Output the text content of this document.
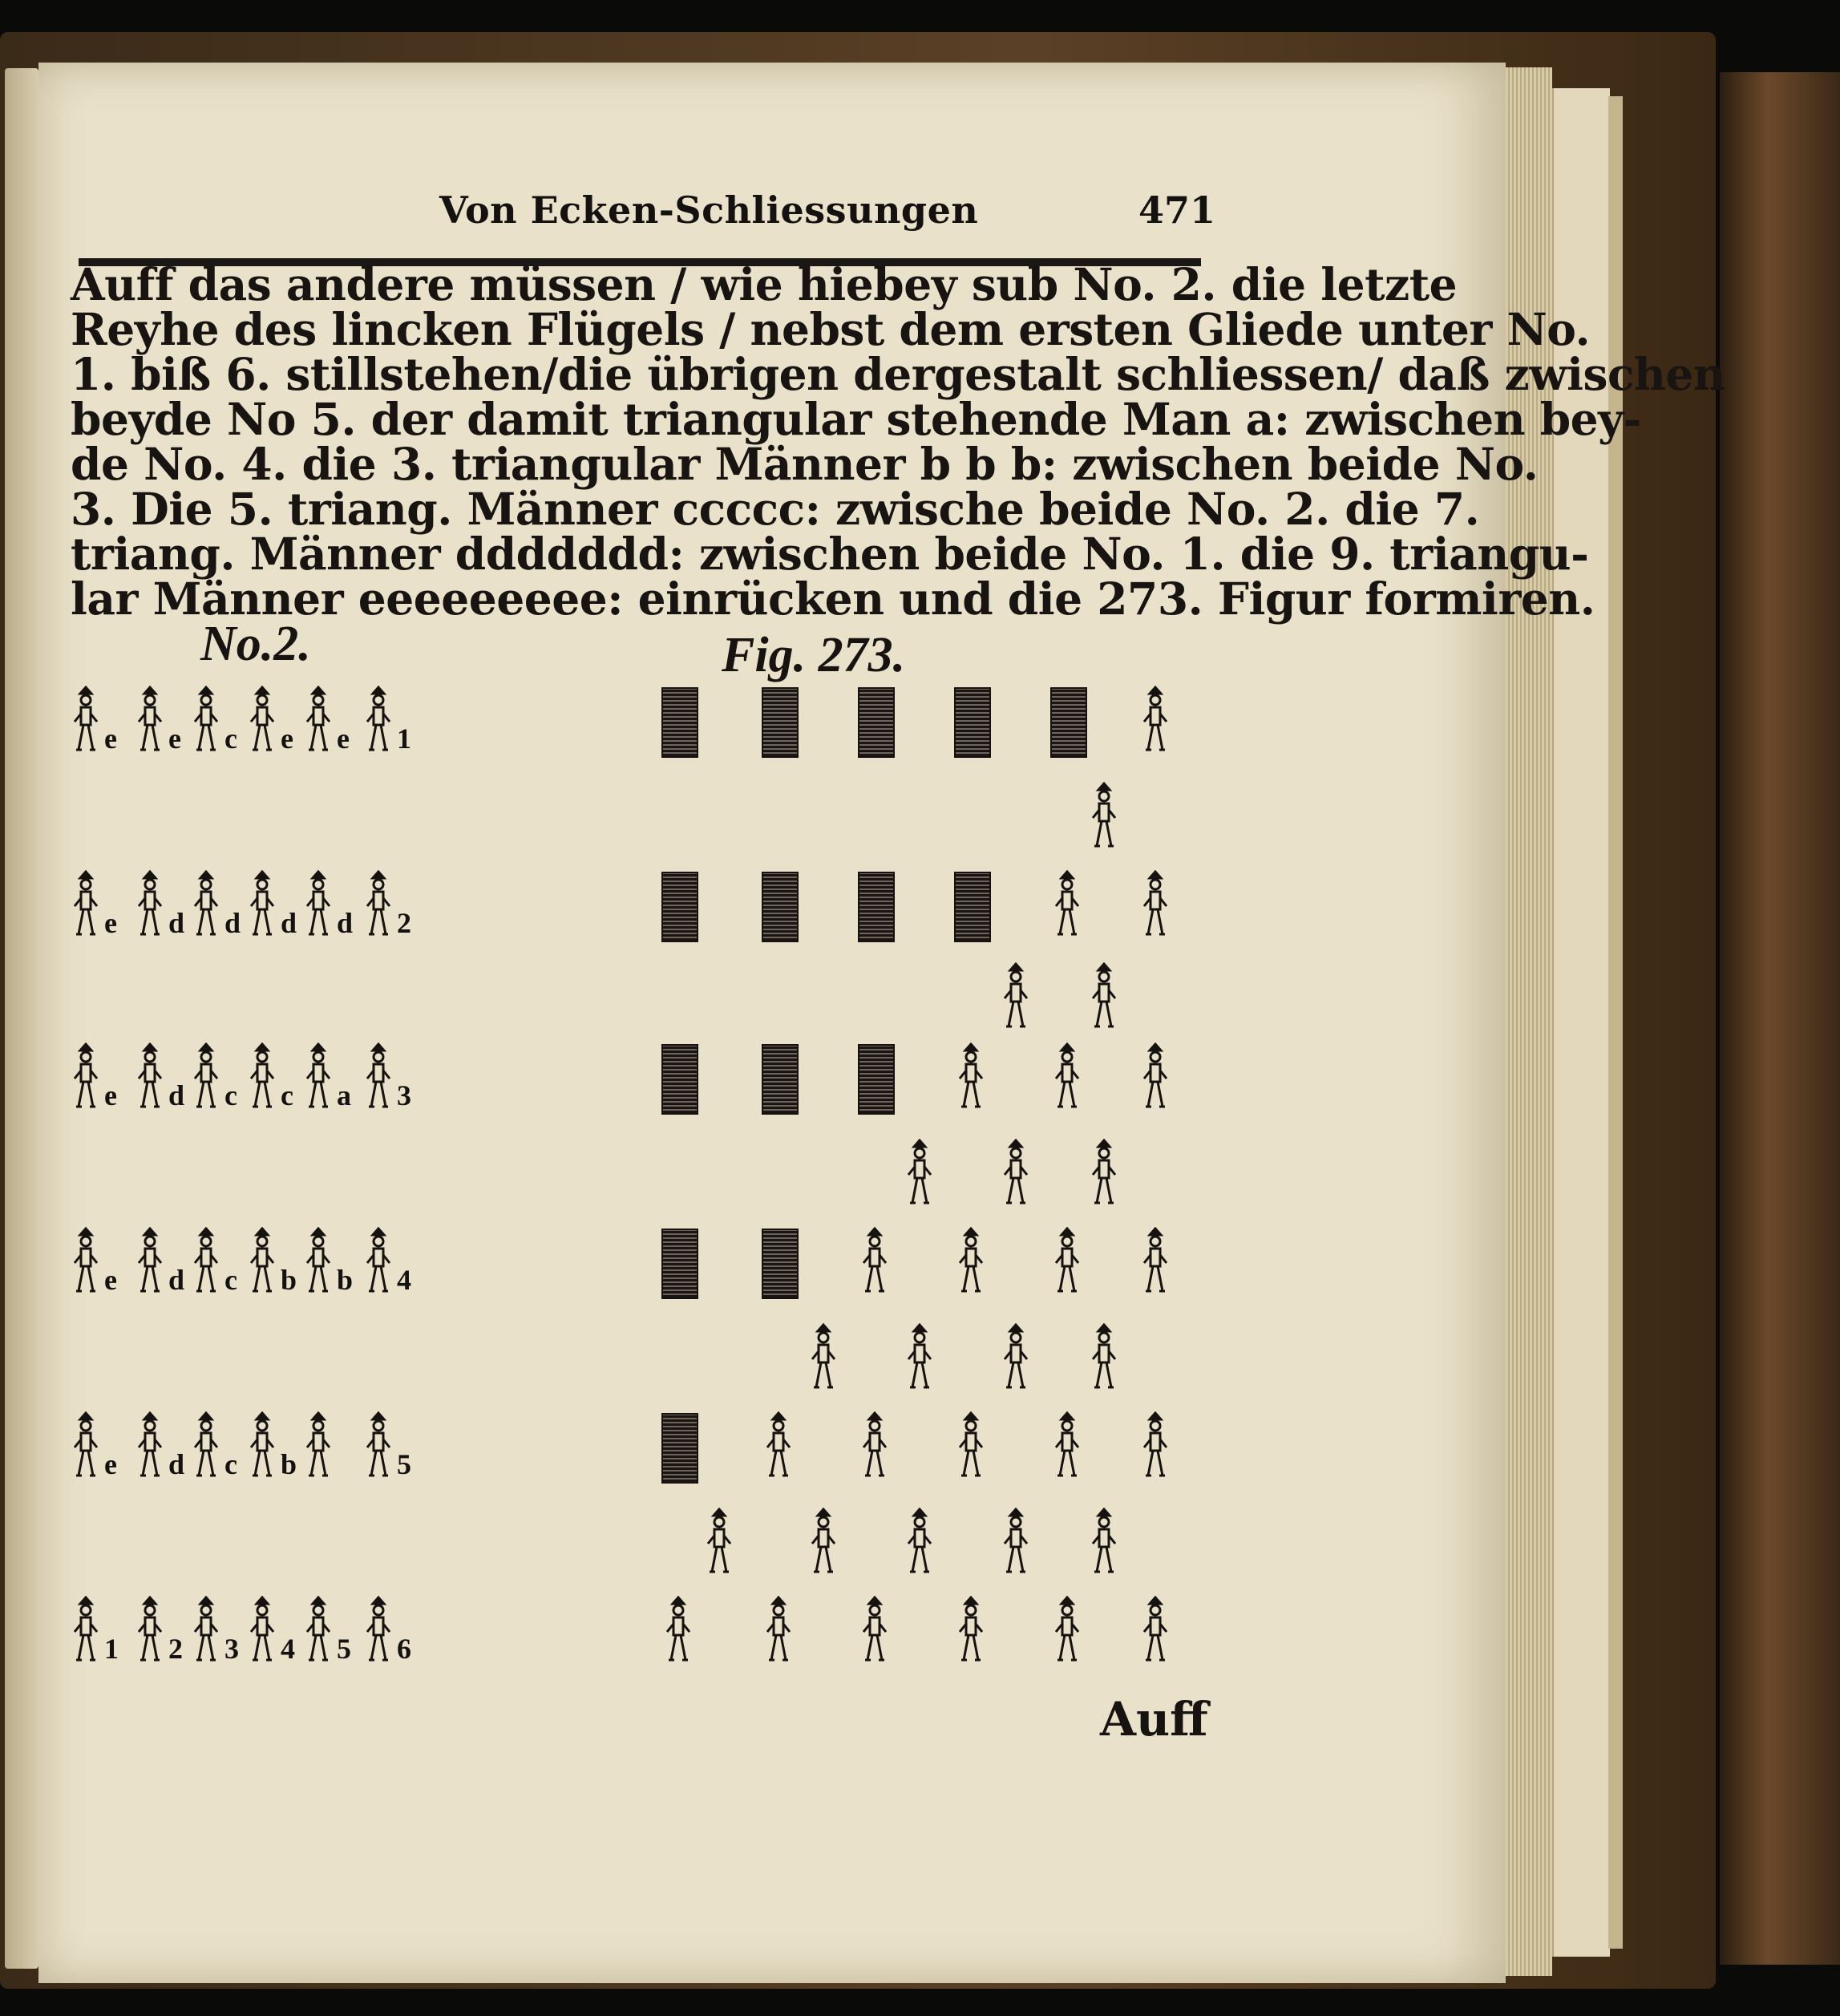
Von Ecken-Schliessungen	471
Auff das andere müssen / wie hiebey sub No. 2. die letzte
Reyhe des lincken Flügels / nebst dem ersten Gliede unter No.
1. biß 6. stillstehen/die übrigen dergestalt schliessen/ daß zwischen
beyde No 5. der damit triangular stehende Man a: zwischen bey-
de No. 4. die 3. triangular Männer b b b: zwischen beide No.
3. Die 5. triang. Männer ccccc: zwische beide No. 2. die 7.
triang. Männer ddddddd: zwischen beide No. 1. die 9. triangu-
lar Männer eeeeeeeee: einrücken und die 273. Figur formiren.
No.2.	Fig. 273.
e e c e e 1
e d d d d 2
e d c c a 3
e d c b b 4
e d c b	5
1 2 3 4 5 6
Auff
